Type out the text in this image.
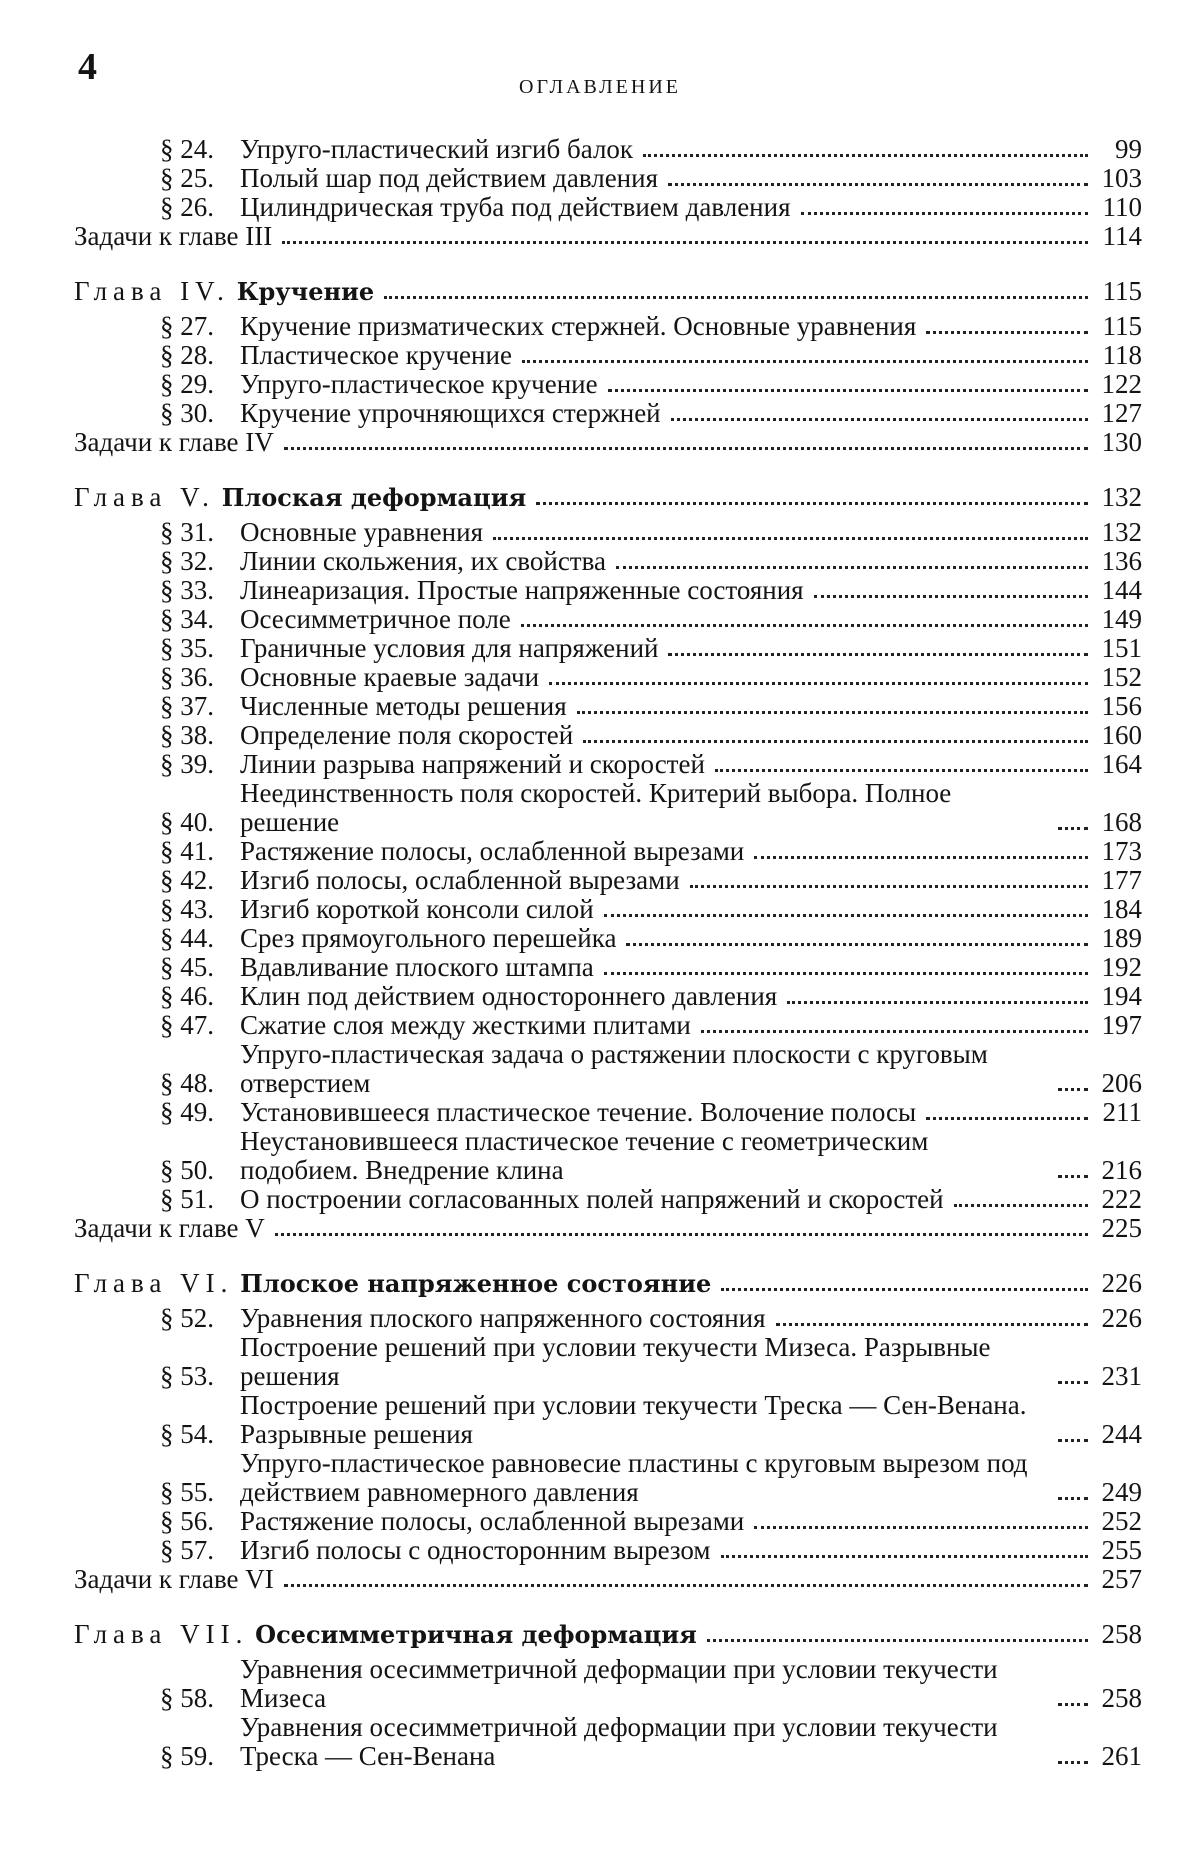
4	ОГЛАВЛЕНИЕ
§ 24. Упруго-пластический изгиб балок	99
§ 25. Полый шар под действием давления	103
§ 26. Цилиндрическая труба под действием давления	110
Задачи к главе III	114
Глава IV. Кручение	115
§ 27. Кручение призматических стержней. Основные уравнения	115
§ 28. Пластическое кручение	118
§ 29. Упруго-пластическое кручение	122
§ 30. Кручение упрочняющихся стержней	127
Задачи к главе IV	130
Глава V. Плоская деформация	132
§ 31. Основные уравнения	132
§ 32. Линии скольжения, их свойства	136
§ 33. Линеаризация. Простые напряженные состояния	144
§ 34. Осесимметричное поле	149
§ 35. Граничные условия для напряжений	151
§ 36. Основные краевые задачи	152
§ 37. Численные методы решения	156
§ 38. Определение поля скоростей	160
§ 39. Линии разрыва напряжений и скоростей	164
§ 40.
Неединственность поля скоростей. Критерий выбора. Полное решение	168
§ 41. Растяжение полосы, ослабленной вырезами	173
§ 42. Изгиб полосы, ослабленной вырезами	177
§ 43. Изгиб короткой консоли силой	184
§ 44. Срез прямоугольного перешейка	189
§ 45. Вдавливание плоского штампа	192
§ 46. Клин под действием одностороннего давления	194
§ 47. Сжатие слоя между жесткими плитами	197
§ 48.
Упруго-пластическая задача о растяжении плоскости с круговым отверстием	206
§ 49. Установившееся пластическое течение. Волочение полосы	211
§ 50.
Неустановившееся пластическое течение с геометрическим подобием. Внедрение клина	216
§ 51. О построении согласованных полей напряжений и скоростей	222
Задачи к главе V	225
Глава VI. Плоское напряженное состояние	226
§ 52. Уравнения плоского напряженного состояния	226
§ 53.
Построение решений при условии текучести Мизеса. Разрывные решения	231
§ 54.
Построение решений при условии текучести Треска — Сен-Венана. Разрывные решения	244
§ 55.
Упруго-пластическое равновесие пластины с круговым вырезом под действием равномерного давления	249
§ 56. Растяжение полосы, ослабленной вырезами	252
§ 57. Изгиб полосы с односторонним вырезом	255
Задачи к главе VI	257
Глава VII. Осесимметричная деформация	258
§ 58.
Уравнения осесимметричной деформации при условии текучести Мизеса	258
§ 59.
Уравнения осесимметричной деформации при условии текучести Треска — Сен-Венана	261
